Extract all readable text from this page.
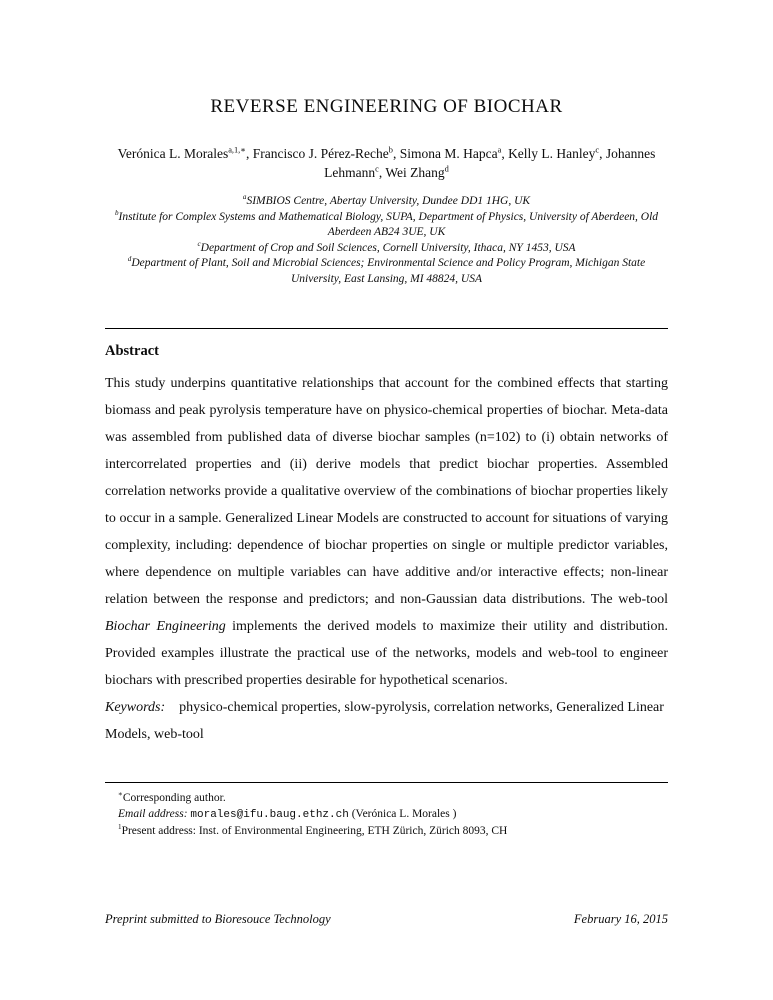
REVERSE ENGINEERING OF BIOCHAR
Verónica L. Morales$^{a,1,∗}$, Francisco J. Pérez-Reche$^b$, Simona M. Hapca$^a$, Kelly L. Hanley$^c$, Johannes Lehmann$^c$, Wei Zhang$^d$
$^a$SIMBIOS Centre, Abertay University, Dundee DD1 1HG, UK
$^b$Institute for Complex Systems and Mathematical Biology, SUPA, Department of Physics, University of Aberdeen, Old Aberdeen AB24 3UE, UK
$^c$Department of Crop and Soil Sciences, Cornell University, Ithaca, NY 1453, USA
$^d$Department of Plant, Soil and Microbial Sciences; Environmental Science and Policy Program, Michigan State University, East Lansing, MI 48824, USA
Abstract

This study underpins quantitative relationships that account for the combined effects that starting biomass and peak pyrolysis temperature have on physico-chemical properties of biochar. Meta-data was assembled from published data of diverse biochar samples (n=102) to (i) obtain networks of intercorrelated properties and (ii) derive models that predict biochar properties. Assembled correlation networks provide a qualitative overview of the combinations of biochar properties likely to occur in a sample. Generalized Linear Models are constructed to account for situations of varying complexity, including: dependence of biochar properties on single or multiple predictor variables, where dependence on multiple variables can have additive and/or interactive effects; non-linear relation between the response and predictors; and non-Gaussian data distributions. The web-tool Biochar Engineering implements the derived models to maximize their utility and distribution. Provided examples illustrate the practical use of the networks, models and web-tool to engineer biochars with prescribed properties desirable for hypothetical scenarios.

Keywords: physico-chemical properties, slow-pyrolysis, correlation networks, Generalized Linear Models, web-tool

∗Corresponding author.
Email address: morales@ifu.baug.ethz.ch (Verónica L. Morales )
$^1$Present address: Inst. of Environmental Engineering, ETH Zürich, Zürich 8093, CH
Preprint submitted to Bioresouce Technology	February 16, 2015
